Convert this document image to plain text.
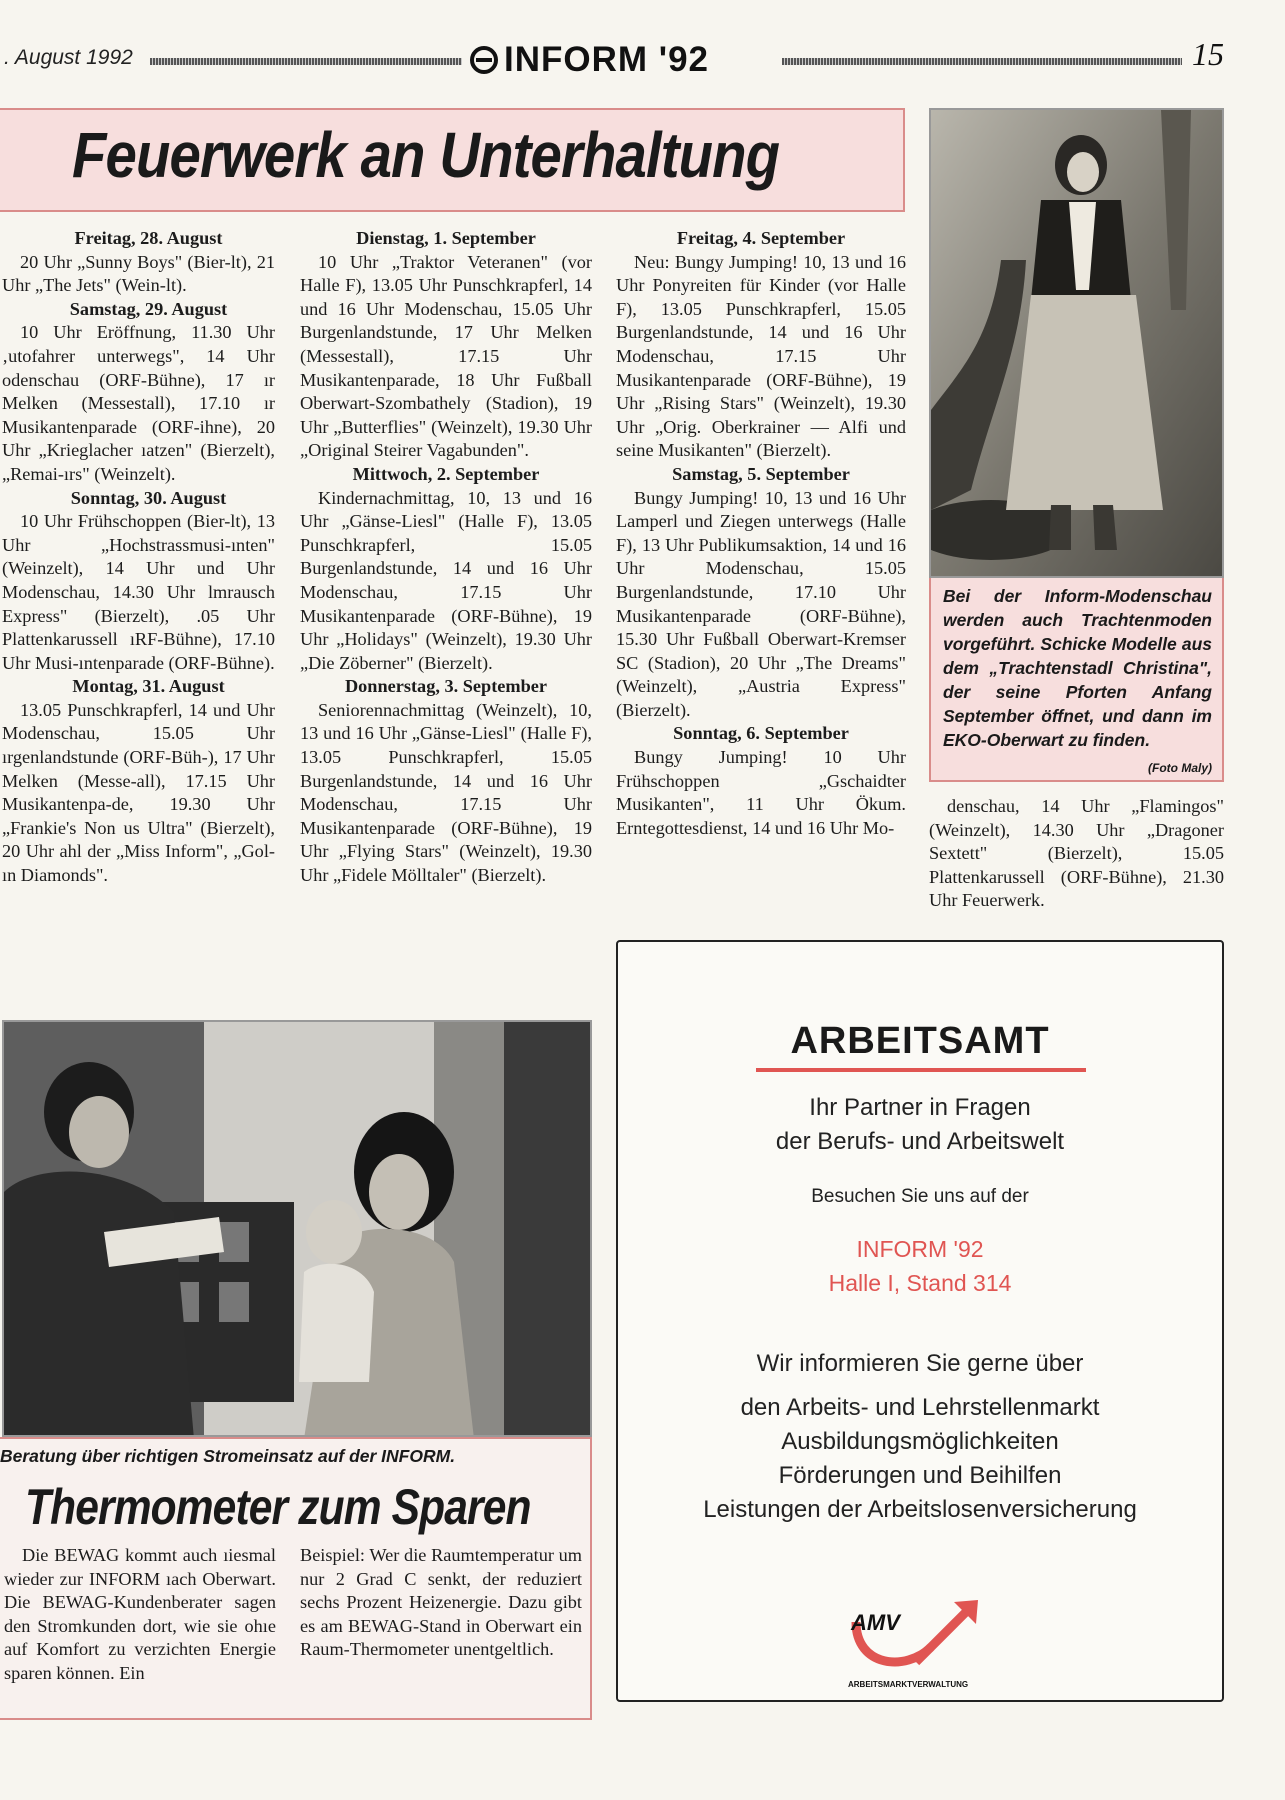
. August 1992	INFORM '92	15
Feuerwerk an Unterhaltung
Freitag, 28. August

20 Uhr „Sunny Boys" (Bier-lt), 21 Uhr „The Jets" (Wein-lt).

Samstag, 29. August

10 Uhr Eröffnung, 11.30 Uhr ‚utofahrer unterwegs", 14 Uhr odenschau (ORF-Bühne), 17 ır Melken (Messestall), 17.10 ır Musikantenparade (ORF-ihne), 20 Uhr „Krieglacher ıatzen" (Bierzelt), „Remai-ırs" (Weinzelt).

Sonntag, 30. August

10 Uhr Frühschoppen (Bier-lt), 13 Uhr „Hochstrassmusi-ınten" (Weinzelt), 14 Uhr und Uhr Modenschau, 14.30 Uhr lmrausch Express" (Bierzelt), .05 Uhr Plattenkarussell ıRF-Bühne), 17.10 Uhr Musi-ıntenparade (ORF-Bühne).

Montag, 31. August

13.05 Punschkrapferl, 14 und Uhr Modenschau, 15.05 Uhr ırgenlandstunde (ORF-Büh-), 17 Uhr Melken (Messe-all), 17.15 Uhr Musikantenpa-de, 19.30 Uhr „Frankie's Non us Ultra" (Bierzelt), 20 Uhr ahl der „Miss Inform", „Gol-ın Diamonds".

Dienstag, 1. September

10 Uhr „Traktor Veteranen" (vor Halle F), 13.05 Uhr Punschkrapferl, 14 und 16 Uhr Modenschau, 15.05 Uhr Burgenlandstunde, 17 Uhr Melken (Messestall), 17.15 Uhr Musikantenparade, 18 Uhr Fußball Oberwart-Szombathely (Stadion), 19 Uhr „Butterflies" (Weinzelt), 19.30 Uhr „Original Steirer Vagabunden".

Mittwoch, 2. September

Kindernachmittag, 10, 13 und 16 Uhr „Gänse-Liesl" (Halle F), 13.05 Punschkrapferl, 15.05 Burgenlandstunde, 14 und 16 Uhr Modenschau, 17.15 Uhr Musikantenparade (ORF-Bühne), 19 Uhr „Holidays" (Weinzelt), 19.30 Uhr „Die Zöberner" (Bierzelt).

Donnerstag, 3. September

Seniorennachmittag (Weinzelt), 10, 13 und 16 Uhr „Gänse-Liesl" (Halle F), 13.05 Punschkrapferl, 15.05 Burgenlandstunde, 14 und 16 Uhr Modenschau, 17.15 Uhr Musikantenparade (ORF-Bühne), 19 Uhr „Flying Stars" (Weinzelt), 19.30 Uhr „Fidele Mölltaler" (Bierzelt).

Freitag, 4. September

Neu: Bungy Jumping! 10, 13 und 16 Uhr Ponyreiten für Kinder (vor Halle F), 13.05 Punschkrapferl, 15.05 Burgenlandstunde, 14 und 16 Uhr Modenschau, 17.15 Uhr Musikantenparade (ORF-Bühne), 19 Uhr „Rising Stars" (Weinzelt), 19.30 Uhr „Orig. Oberkrainer — Alfi und seine Musikanten" (Bierzelt).

Samstag, 5. September

Bungy Jumping! 10, 13 und 16 Uhr Lamperl und Ziegen unterwegs (Halle F), 13 Uhr Publikumsaktion, 14 und 16 Uhr Modenschau, 15.05 Burgenlandstunde, 17.10 Uhr Musikantenparade (ORF-Bühne), 15.30 Uhr Fußball Oberwart-Kremser SC (Stadion), 20 Uhr „The Dreams" (Weinzelt), „Austria Express" (Bierzelt).

Sonntag, 6. September

Bungy Jumping! 10 Uhr Frühschoppen „Gschaidter Musikanten", 11 Uhr Ökum. Erntegottesdienst, 14 und 16 Uhr Mo-

denschau, 14 Uhr „Flamingos" (Weinzelt), 14.30 Uhr „Dragoner Sextett" (Bierzelt), 15.05 Plattenkarussell (ORF-Bühne), 21.30 Uhr Feuerwerk.

Bei der Inform-Modenschau werden auch Trachtenmoden vorgeführt. Schicke Modelle aus dem „Trachtenstadl Christina", der seine Pforten Anfang September öffnet, und dann im EKO-Oberwart zu finden.
(Foto Maly)
Beratung über richtigen Stromeinsatz auf der INFORM.
Thermometer zum Sparen

Die BEWAG kommt auch ıiesmal wieder zur INFORM ıach Oberwart. Die BEWAG-Kundenberater sagen den Stromkunden dort, wie sie ohıe auf Komfort zu verzichten Energie sparen können. Ein

Beispiel: Wer die Raumtemperatur um nur 2 Grad C senkt, der reduziert sechs Prozent Heizenergie. Dazu gibt es am BEWAG-Stand in Oberwart ein Raum-Thermometer unentgeltlich.

ARBEITSAMT
Ihr Partner in Fragen
der Berufs- und Arbeitswelt
Besuchen Sie uns auf der
INFORM '92
Halle I, Stand 314
Wir informieren Sie gerne über
den Arbeits- und Lehrstellenmarkt
Ausbildungsmöglichkeiten
Förderungen und Beihilfen
Leistungen der Arbeitslosenversicherung
AMV
ARBEITSMARKTVERWALTUNG
